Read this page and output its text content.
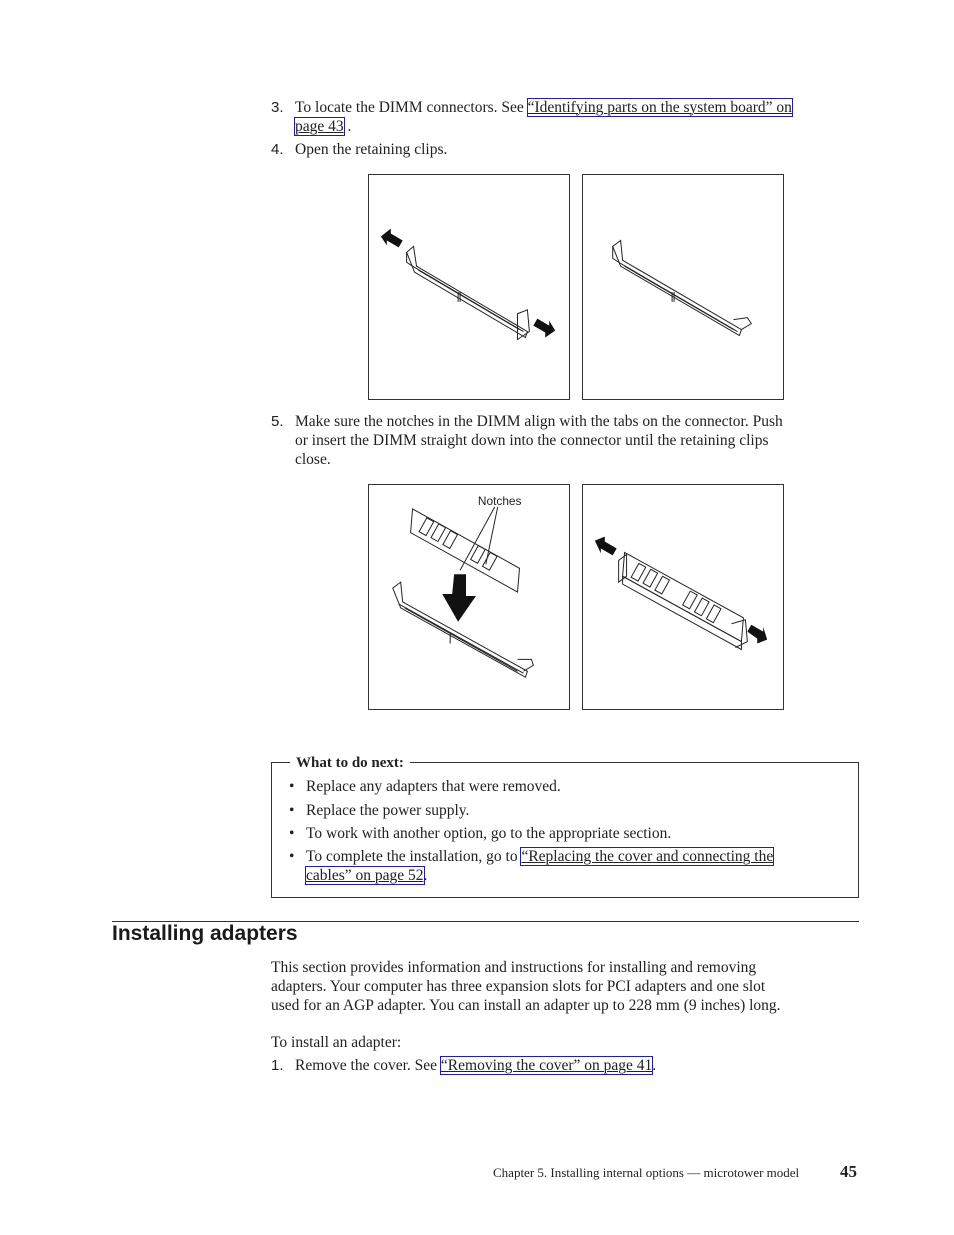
3. To locate the DIMM connectors. See “Identifying parts on the system board” on
page 43 .
4. Open the retaining clips.
5. Make sure the notches in the DIMM align with the tabs on the connector. Push
or insert the DIMM straight down into the connector until the retaining clips
close.
Notches
What to do next:
• Replace any adapters that were removed.
• Replace the power supply.
• To work with another option, go to the appropriate section.
• To complete the installation, go to “Replacing the cover and connecting the
cables” on page 52.
Installing adapters
This section provides information and instructions for installing and removing
adapters. Your computer has three expansion slots for PCI adapters and one slot
used for an AGP adapter. You can install an adapter up to 228 mm (9 inches) long.
To install an adapter:
1. Remove the cover. See “Removing the cover” on page 41.
Chapter 5. Installing internal options — microtower model 45
